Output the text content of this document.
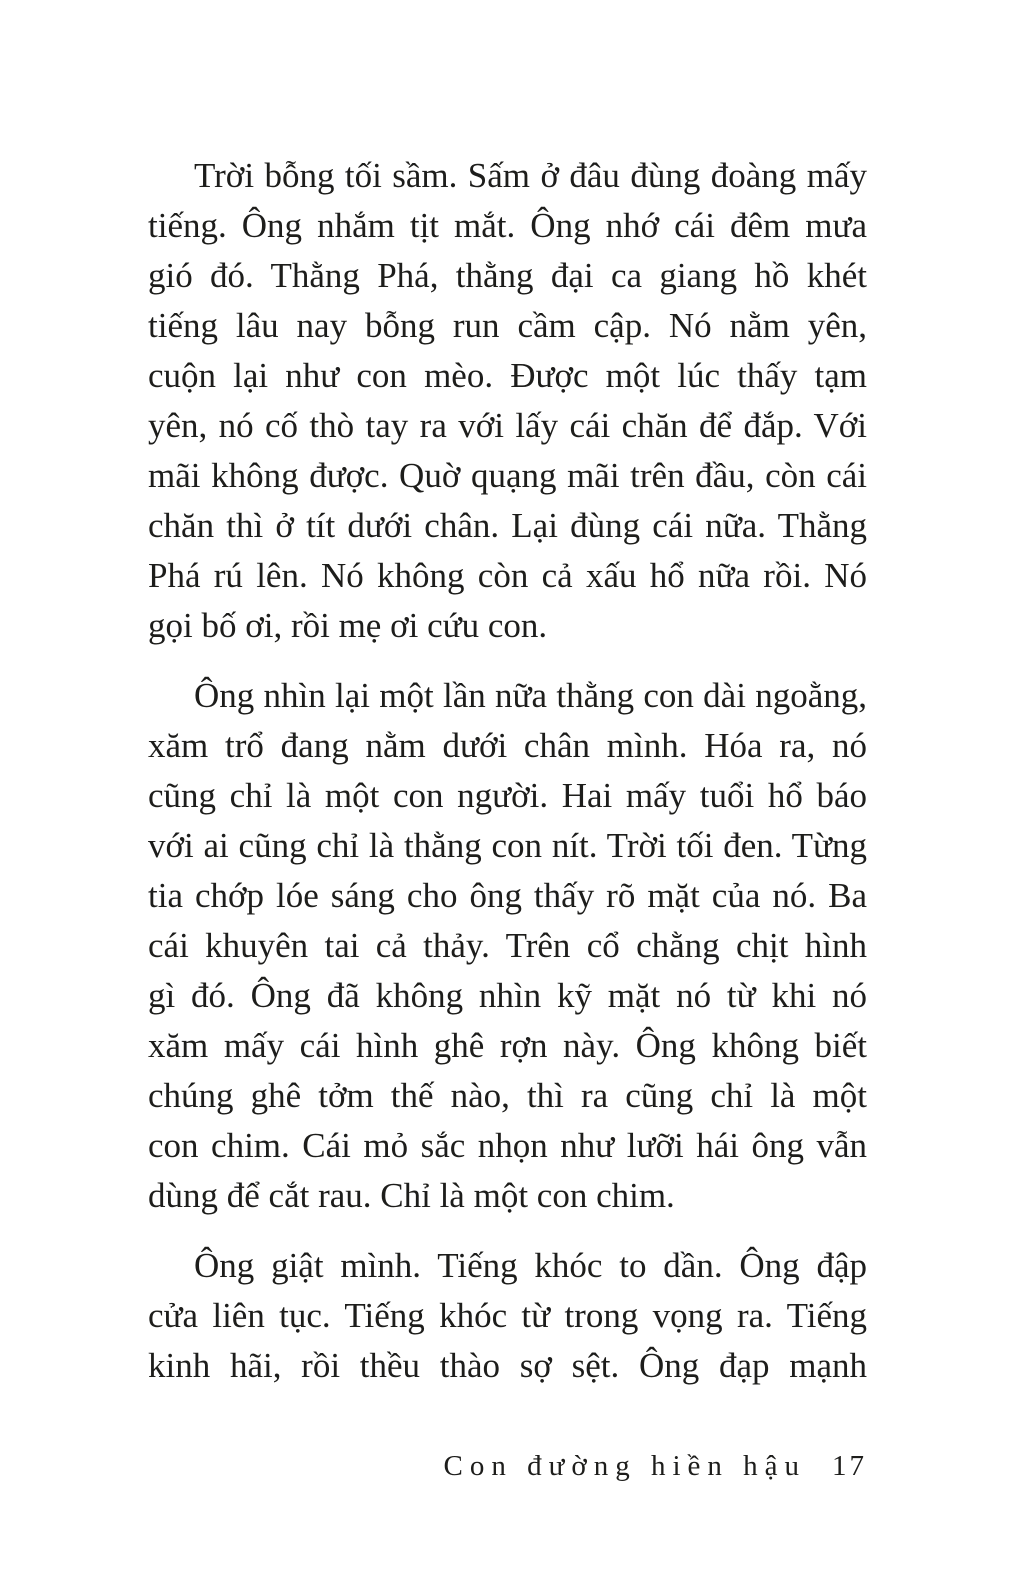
Trời bỗng tối sầm. Sấm ở đâu đùng đoàng mấy
tiếng. Ông nhắm tịt mắt. Ông nhớ cái đêm mưa
gió đó. Thằng Phá, thằng đại ca giang hồ khét
tiếng lâu nay bỗng run cầm cập. Nó nằm yên,
cuộn lại như con mèo. Được một lúc thấy tạm
yên, nó cố thò tay ra với lấy cái chăn để đắp. Với
mãi không được. Quờ quạng mãi trên đầu, còn cái
chăn thì ở tít dưới chân. Lại đùng cái nữa. Thằng
Phá rú lên. Nó không còn cả xấu hổ nữa rồi. Nó
gọi bố ơi, rồi mẹ ơi cứu con.
Ông nhìn lại một lần nữa thằng con dài ngoằng,
xăm trổ đang nằm dưới chân mình. Hóa ra, nó
cũng chỉ là một con người. Hai mấy tuổi hổ báo
với ai cũng chỉ là thằng con nít. Trời tối đen. Từng
tia chớp lóe sáng cho ông thấy rõ mặt của nó. Ba
cái khuyên tai cả thảy. Trên cổ chằng chịt hình
gì đó. Ông đã không nhìn kỹ mặt nó từ khi nó
xăm mấy cái hình ghê rợn này. Ông không biết
chúng ghê tởm thế nào, thì ra cũng chỉ là một
con chim. Cái mỏ sắc nhọn như lưỡi hái ông vẫn
dùng để cắt rau. Chỉ là một con chim.
Ông giật mình. Tiếng khóc to dần. Ông đập
cửa liên tục. Tiếng khóc từ trong vọng ra. Tiếng
kinh hãi, rồi thều thào sợ sệt. Ông đạp mạnh
Con đường hiền hậu 17
